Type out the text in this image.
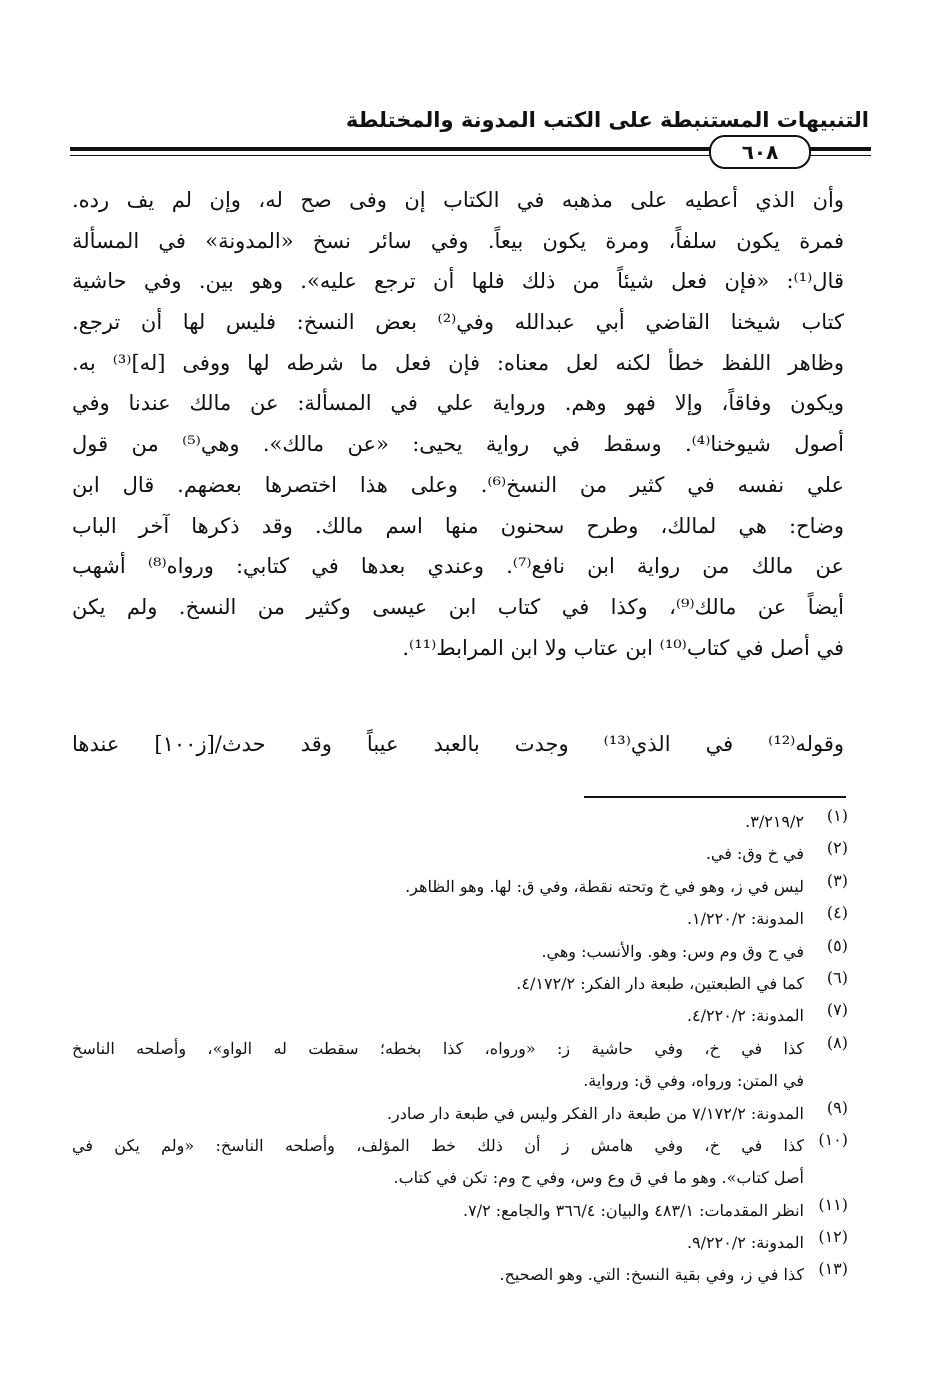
التنبيهات المستنبطة على الكتب المدونة والمختلطة
٦٠٨
وأن الذي أعطيه على مذهبه في الكتاب إن وفى صح له، وإن لم يف رده.
فمرة يكون سلفاً، ومرة يكون بيعاً. وفي سائر نسخ «المدونة» في المسألة
قال⁽¹⁾: «فإن فعل شيئاً من ذلك فلها أن ترجع عليه». وهو بين. وفي حاشية
كتاب شيخنا القاضي أبي عبدالله وفي⁽²⁾ بعض النسخ: فليس لها أن ترجع.
وظاهر اللفظ خطأ لكنه لعل معناه: فإن فعل ما شرطه لها ووفى [له]⁽³⁾ به.
ويكون وفاقاً، وإلا فهو وهم. ورواية علي في المسألة: عن مالك عندنا وفي
أصول شيوخنا⁽⁴⁾. وسقط في رواية يحيى: «عن مالك». وهي⁽⁵⁾ من قول
علي نفسه في كثير من النسخ⁽⁶⁾. وعلى هذا اختصرها بعضهم. قال ابن
وضاح: هي لمالك، وطرح سحنون منها اسم مالك. وقد ذكرها آخر الباب
عن مالك من رواية ابن نافع⁽⁷⁾. وعندي بعدها في كتابي: ورواه⁽⁸⁾ أشهب
أيضاً عن مالك⁽⁹⁾، وكذا في كتاب ابن عيسى وكثير من النسخ. ولم يكن
في أصل في كتاب⁽¹⁰⁾ ابن عتاب ولا ابن المرابط⁽¹¹⁾.
وقوله⁽¹²⁾ في الذي⁽¹³⁾ وجدت بالعبد عيباً وقد حدث/[ز١٠٠] عندها
(١)
٣/٢١٩/٢.
(٢)
في خ وق: في.
(٣)
ليس في ز، وهو في خ وتحته نقطة، وفي ق: لها. وهو الظاهر.
(٤)
المدونة: ١/٢٢٠/٢.
(٥)
في ح وق وم وس: وهو. والأنسب: وهي.
(٦)
كما في الطبعتين، طبعة دار الفكر: ٤/١٧٢/٢.
(٧)
المدونة: ٤/٢٢٠/٢.
(٨)
كذا في خ، وفي حاشية ز: «ورواه، كذا بخطه؛ سقطت له الواو»، وأصلحه الناسخ
في المتن: ورواه، وفي ق: ورواية.
(٩)
المدونة: ٧/١٧٢/٢ من طبعة دار الفكر وليس في طبعة دار صادر.
(١٠)
كذا في خ، وفي هامش ز أن ذلك خط المؤلف، وأصلحه الناسخ: «ولم يكن في
أصل كتاب». وهو ما في ق وع وس، وفي ح وم: تكن في كتاب.
(١١)
انظر المقدمات: ٤٨٣/١ والبيان: ٣٦٦/٤ والجامع: ٧/٢.
(١٢)
المدونة: ٩/٢٢٠/٢.
(١٣)
كذا في ز، وفي بقية النسخ: التي. وهو الصحيح.
